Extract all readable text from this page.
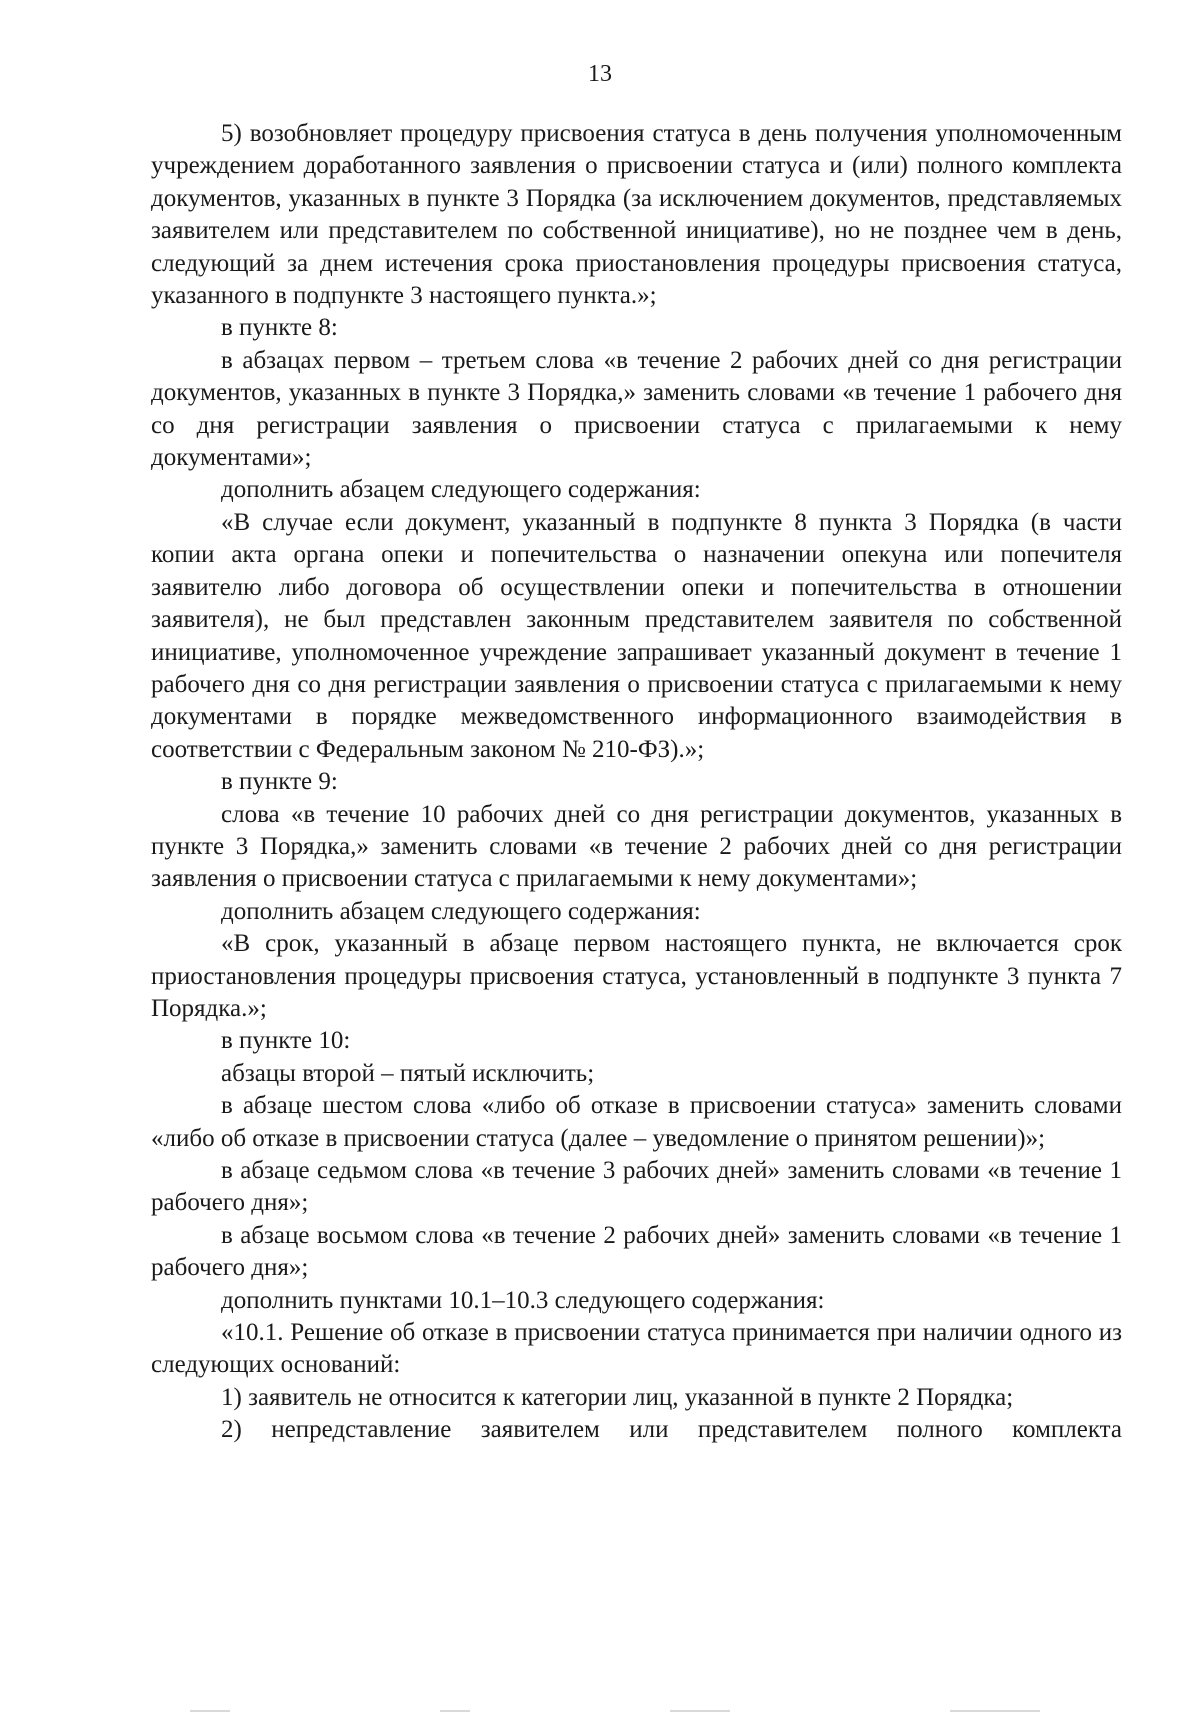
13

5) возобновляет процедуру присвоения статуса в день получения уполномоченным учреждением доработанного заявления о присвоении статуса и (или) полного комплекта документов, указанных в пункте 3 Порядка (за исключением документов, представляемых заявителем или представителем по собственной инициативе), но не позднее чем в день, следующий за днем истечения срока приостановления процедуры присвоения статуса, указанного в подпункте 3 настоящего пункта.»;

в пункте 8:

в абзацах первом – третьем слова «в течение 2 рабочих дней со дня регистрации документов, указанных в пункте 3 Порядка,» заменить словами «в течение 1 рабочего дня со дня регистрации заявления о присвоении статуса с прилагаемыми к нему документами»;

дополнить абзацем следующего содержания:

«В случае если документ, указанный в подпункте 8 пункта 3 Порядка (в части копии акта органа опеки и попечительства о назначении опекуна или попечителя заявителю либо договора об осуществлении опеки и попечительства в отношении заявителя), не был представлен законным представителем заявителя по собственной инициативе, уполномоченное учреждение запрашивает указанный документ в течение 1 рабочего дня со дня регистрации заявления о присвоении статуса с прилагаемыми к нему документами в порядке межведомственного информационного взаимодействия в соответствии с Федеральным законом № 210-ФЗ).»;

в пункте 9:

слова «в течение 10 рабочих дней со дня регистрации документов, указанных в пункте 3 Порядка,» заменить словами «в течение 2 рабочих дней со дня регистрации заявления о присвоении статуса с прилагаемыми к нему документами»;

дополнить абзацем следующего содержания:

«В срок, указанный в абзаце первом настоящего пункта, не включается срок приостановления процедуры присвоения статуса, установленный в подпункте 3 пункта 7 Порядка.»;

в пункте 10:

абзацы второй – пятый исключить;

в абзаце шестом слова «либо об отказе в присвоении статуса» заменить словами «либо об отказе в присвоении статуса (далее – уведомление о принятом решении)»;

в абзаце седьмом слова «в течение 3 рабочих дней» заменить словами «в течение 1 рабочего дня»;

в абзаце восьмом слова «в течение 2 рабочих дней» заменить словами «в течение 1 рабочего дня»;

дополнить пунктами 10.1–10.3 следующего содержания:

«10.1. Решение об отказе в присвоении статуса принимается при наличии одного из следующих оснований:

1) заявитель не относится к категории лиц, указанной в пункте 2 Порядка;

2) непредставление заявителем или представителем полного комплекта
